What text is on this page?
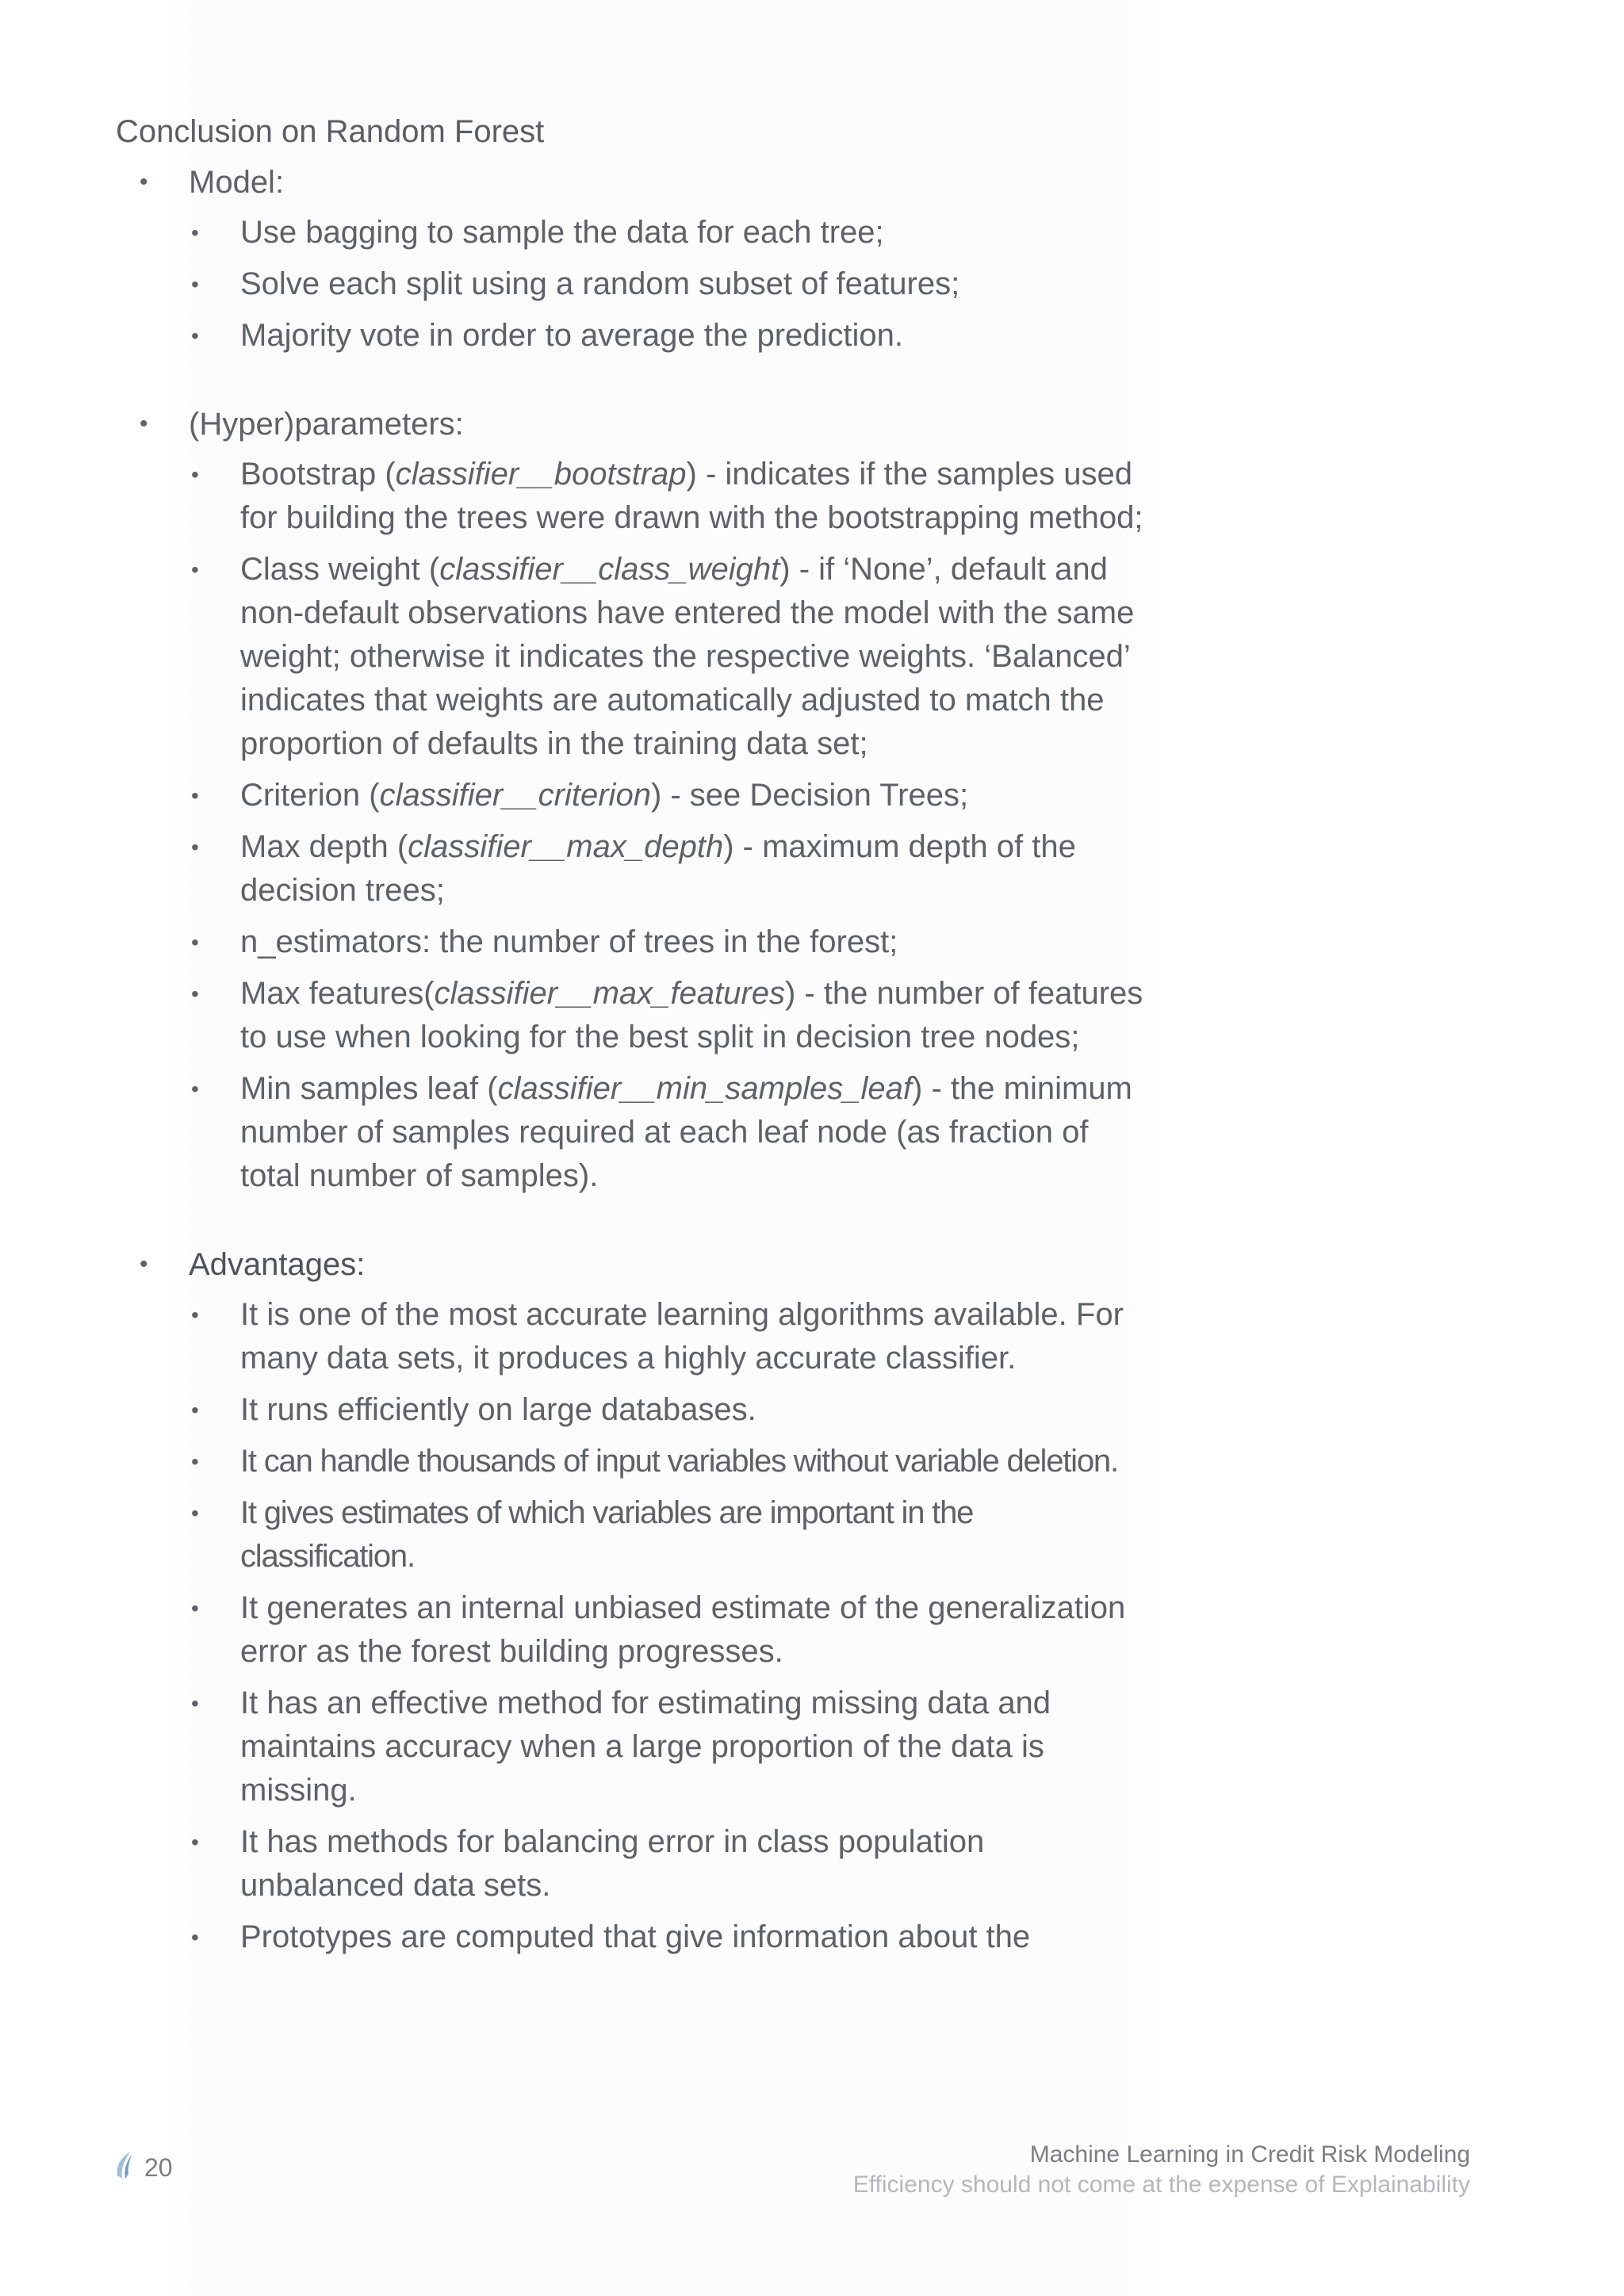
Conclusion on Random Forest
• Model:
• Use bagging to sample the data for each tree;
• Solve each split using a random subset of features;
• Majority vote in order to average the prediction.
• (Hyper)parameters:
• Bootstrap (classifier__bootstrap) - indicates if the samples used for building the trees were drawn with the bootstrapping method;
• Class weight (classifier__class_weight) - if ‘None’, default and non-default observations have entered the model with the same weight; otherwise it indicates the respective weights. ‘Balanced’ indicates that weights are automatically adjusted to match the proportion of defaults in the training data set;
• Criterion (classifier__criterion) - see Decision Trees;
• Max depth (classifier__max_depth) - maximum depth of the decision trees;
• n_estimators: the number of trees in the forest;
• Max features(classifier__max_features) - the number of features to use when looking for the best split in decision tree nodes;
• Min samples leaf (classifier__min_samples_leaf) - the minimum number of samples required at each leaf node (as fraction of total number of samples).
• Advantages:
• It is one of the most accurate learning algorithms available. For many data sets, it produces a highly accurate classifier.
• It runs efficiently on large databases.
• It can handle thousands of input variables without variable deletion.
• It gives estimates of which variables are important in the classification.
• It generates an internal unbiased estimate of the generalization error as the forest building progresses.
• It has an effective method for estimating missing data and maintains accuracy when a large proportion of the data is missing.
• It has methods for balancing error in class population unbalanced data sets.
• Prototypes are computed that give information about the
20	Machine Learning in Credit Risk Modeling
Efficiency should not come at the expense of Explainability
